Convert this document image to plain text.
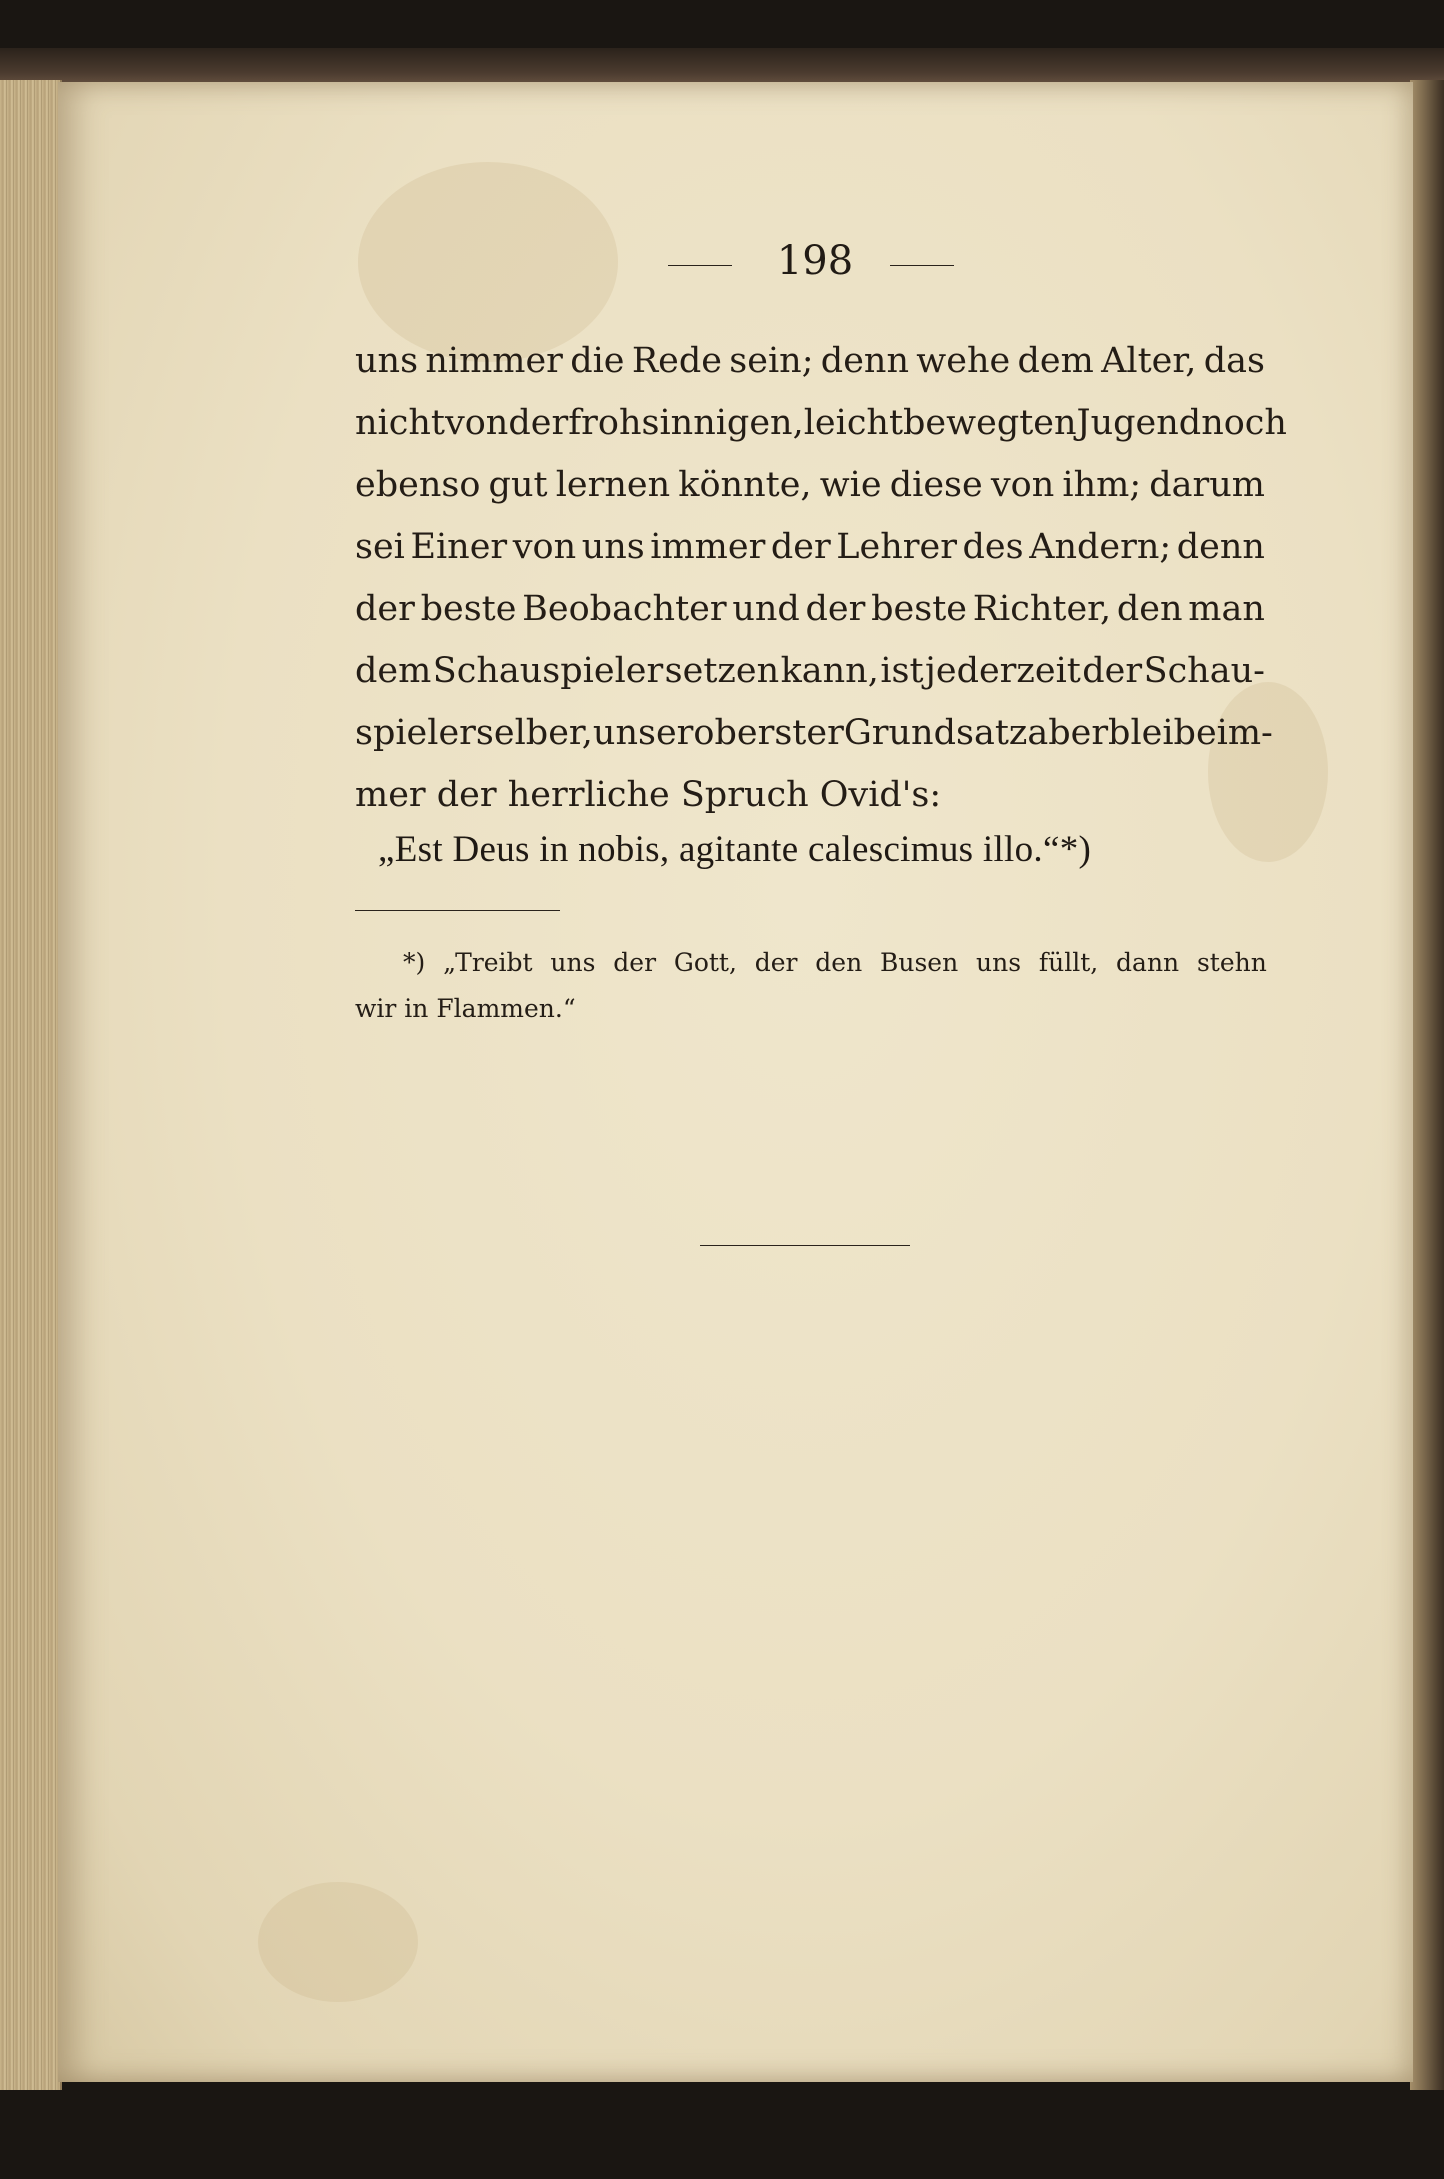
198
uns nimmer die Rede sein; denn wehe dem Alter, das
nicht von der frohsinnigen, leichtbewegten Jugend noch
ebenso gut lernen könnte, wie diese von ihm; darum
sei Einer von uns immer der Lehrer des Andern; denn
der beste Beobachter und der beste Richter, den man
dem Schauspieler setzen kann, ist jederzeit der Schau-
spieler selber, unser oberster Grundsatz aber bleibe im-
mer der herrliche Spruch Ovid's:
„Est Deus in nobis, agitante calescimus illo.“*)
*) „Treibt uns der Gott, der den Busen uns füllt, dann stehn
wir in Flammen.“
